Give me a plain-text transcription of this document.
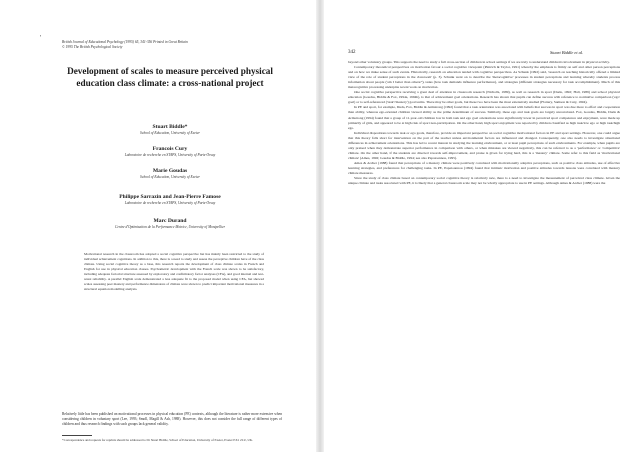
'	British Journal of Educational Psychology (1995) 65, 341-356 Printed in Great Britain
© 1995 The British Psychological Society
Development of scales to measure perceived physical education class climate: a cross-national project
Stuart Biddle*
School of Education, University of Exeter
Francois Cury
Laboratoire de recherche en STAPS, University of Paris-Orsay
Marie Goudas
School of Education, University of Exeter
Philippe Sarrazin and Jean-Pierre Famose
Laboratoire de recherche en STAPS, University of Paris-Orsay
Marc Durand
Centre d'Optimisation de la Performance Motrice, University of Montpellier

Motivational research in the classroom has adopted a social cognitive perspective but has mainly been restricted to the study of individual achievement cognitions. In addition to this, there is a need to study and assess the perceptive children have of the class climate. Using social cognitive theory as a base, this research reports the development of class climate scales in French and English for use in physical education classes. Psychometric development with the French scale was shown to be satisfactory, including adequate factorial structure assessed by exploratory and confirmatory factor analyses (CFA), and good internal and test-retest reliability. A parallel English scale demonstrated a less adequate fit to the proposed model when using CFA, but showed scales assessing peer mastery and performance dimensions of climate were shown to predict important motivational measures in a structural equation modelling analysis.

Relatively little has been published on motivational processes in physical education (PE) contexts, although the literature is rather more extensive when considering children in voluntary sport (Lee, 1993; Smoll, Magill & Ash, 1988). However, this does not consider the full range of different types of children and thus research findings with such groups lack general validity.

*Correspondence and requests for reprints should be addressed to Dr Stuart Biddle, School of Education, University of Exeter, Exeter EX1 2LU, UK.

342	Stuart Biddle et al.

beyond other voluntary groups. This supports the need to study a full cross-section of children in school settings if we are truly to understand children's involvement in physical activity.

Contemporary theoretical perspectives on motivation favour a social cognitive viewpoint (Pintrich & Taylor, 1991) whereby the emphasis is firmly on self and other person perceptions and on how we make sense of such events. Historically, research on education tended with cognitive perspectives. As Schunk (1992) said, 'research on teaching historically offered a limited view of the role of student perceptions in the classroom' (p. 3). Schunk went on to describe the 'metacognitive' processes in student perceptions and learning whereby students process information about people ('am I better than others?'), tasks (how task demands influence performance), and strategies (different strategies necessary for task accomplishment). Much of this metacognitive processing underpins recent work on motivation.

One social cognitive perspective receiving a great deal of attention in classroom research (Nicholls, 1989), as well as research in sport (Duda, 1992; Hall, 1989) and school physical education (Goudas, Biddle & Fox, 1994a, 1994b), is that of achievement goal orientations. Research has shown that pupils can define success with reference to normative comparison ('ego' goal) or to self-referenced ('task'/'mastery') goal terms. There may be other goals, but these two have been the most extensively studied (Flattery, Samson & Cury, 1994).

In PE and sport, for example, Duda, Fox, Biddle & Armstrong (1992) found that a task orientation was associated with beliefs that success in sport was due more to effort and cooperation than ability, whereas ego-oriented children viewed ability as the prime determinant of success. Similarly, these ego and task goals are largely uncorrelated. Fox, Goudas, Biddle, Duda & Armstrong (1994) found that a group of 11-year-old children low in both task and ego goal orientations were significantly lower in perceived sport competence and enjoyment, were made up primarily of girls, and appeared to be at high risk of sport non-participation. On the other hand, high sport enjoyment was reported by children classified as high task/low ego or high task/high ego.

Individual dispositions towards task or ego goals, therefore, provide an important perspective on social cognitive motivational factors in PE and sport settings. However, one could argue that this theory falls short for intervention on the part of the teacher unless environmental factors are influenced and changed. Consequently, one also needs to investigate situational differences in achievement orientations. This has led to recent interest in studying the learning environment, or at least pupil perceptions of such environments. For example, when pupils are only praised when they demonstrate superior performance in comparison with others, or when mistakes are viewed negatively, this can be referred to as a 'performance' or 'competitive' climate. On the other hand, if the students are directed towards self-improvement, and praise is given for trying hard, this is a 'mastery' climate. Some refer to this field as 'motivational climate' (Ames, 1992; Goudas & Biddle, 1994; see also Papaioannou, 1995).

Ames & Archer (1988) found that perceptions of a mastery climate were positively correlated with motivationally adaptive perceptions, such as positive class attitudes, use of effective learning strategies, and preferences for challenging tasks. In PE, Papaioannou (1994) found that intrinsic motivation and positive attitudes towards lessons were correlated with mastery climate measures.

Since the study of class climate based on contemporary social cognitive theory is relatively new, there is a need to investigate the measurement of perceived class climate. Given the unique climate and tasks associated with PE, it is likely that a general classroom scale may not be wholly appropriate to use in PE settings. Although Ames & Archer (1988) were the
